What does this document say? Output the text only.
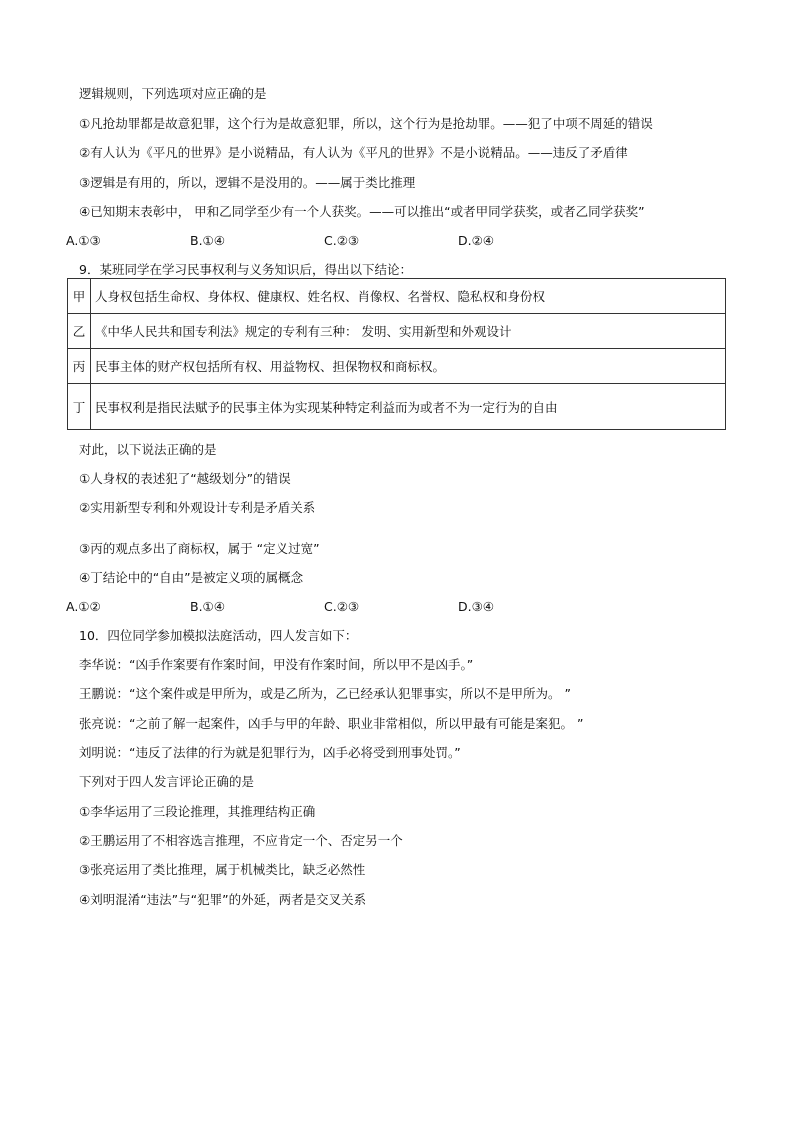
逻辑规则，下列选项对应正确的是
①凡抢劫罪都是故意犯罪，这个行为是故意犯罪，所以，这个行为是抢劫罪。——犯了中项不周延的错误
②有人认为《平凡的世界》是小说精品，有人认为《平凡的世界》不是小说精品。——违反了矛盾律
③逻辑是有用的，所以，逻辑不是没用的。——属于类比推理
④已知期末表彰中， 甲和乙同学至少有一个人获奖。——可以推出“或者甲同学获奖，或者乙同学获奖”
A.①③	B.①④	C.②③	D.②④
9．某班同学在学习民事权利与义务知识后，得出以下结论：
甲	人身权包括生命权、身体权、健康权、姓名权、肖像权、名誉权、隐私权和身份权
乙	《中华人民共和国专利法》规定的专利有三种： 发明、实用新型和外观设计
丙	民事主体的财产权包括所有权、用益物权、担保物权和商标权。
丁	民事权利是指民法赋予的民事主体为实现某种特定利益而为或者不为一定行为的自由
对此，以下说法正确的是
①人身权的表述犯了“越级划分”的错误
②实用新型专利和外观设计专利是矛盾关系
③丙的观点多出了商标权，属于 “定义过宽”
④丁结论中的“自由”是被定义项的属概念
A.①②	B.①④	C.②③	D.③④
10．四位同学参加模拟法庭活动，四人发言如下：
李华说：“凶手作案要有作案时间，甲没有作案时间，所以甲不是凶手。”
王鹏说：“这个案件或是甲所为，或是乙所为，乙已经承认犯罪事实，所以不是甲所为。 ”
张亮说：“之前了解一起案件，凶手与甲的年龄、职业非常相似，所以甲最有可能是案犯。 ”
刘明说：“违反了法律的行为就是犯罪行为，凶手必将受到刑事处罚。”
下列对于四人发言评论正确的是
①李华运用了三段论推理，其推理结构正确
②王鹏运用了不相容选言推理，不应肯定一个、否定另一个
③张亮运用了类比推理，属于机械类比，缺乏必然性
④刘明混淆“违法”与“犯罪”的外延，两者是交叉关系
